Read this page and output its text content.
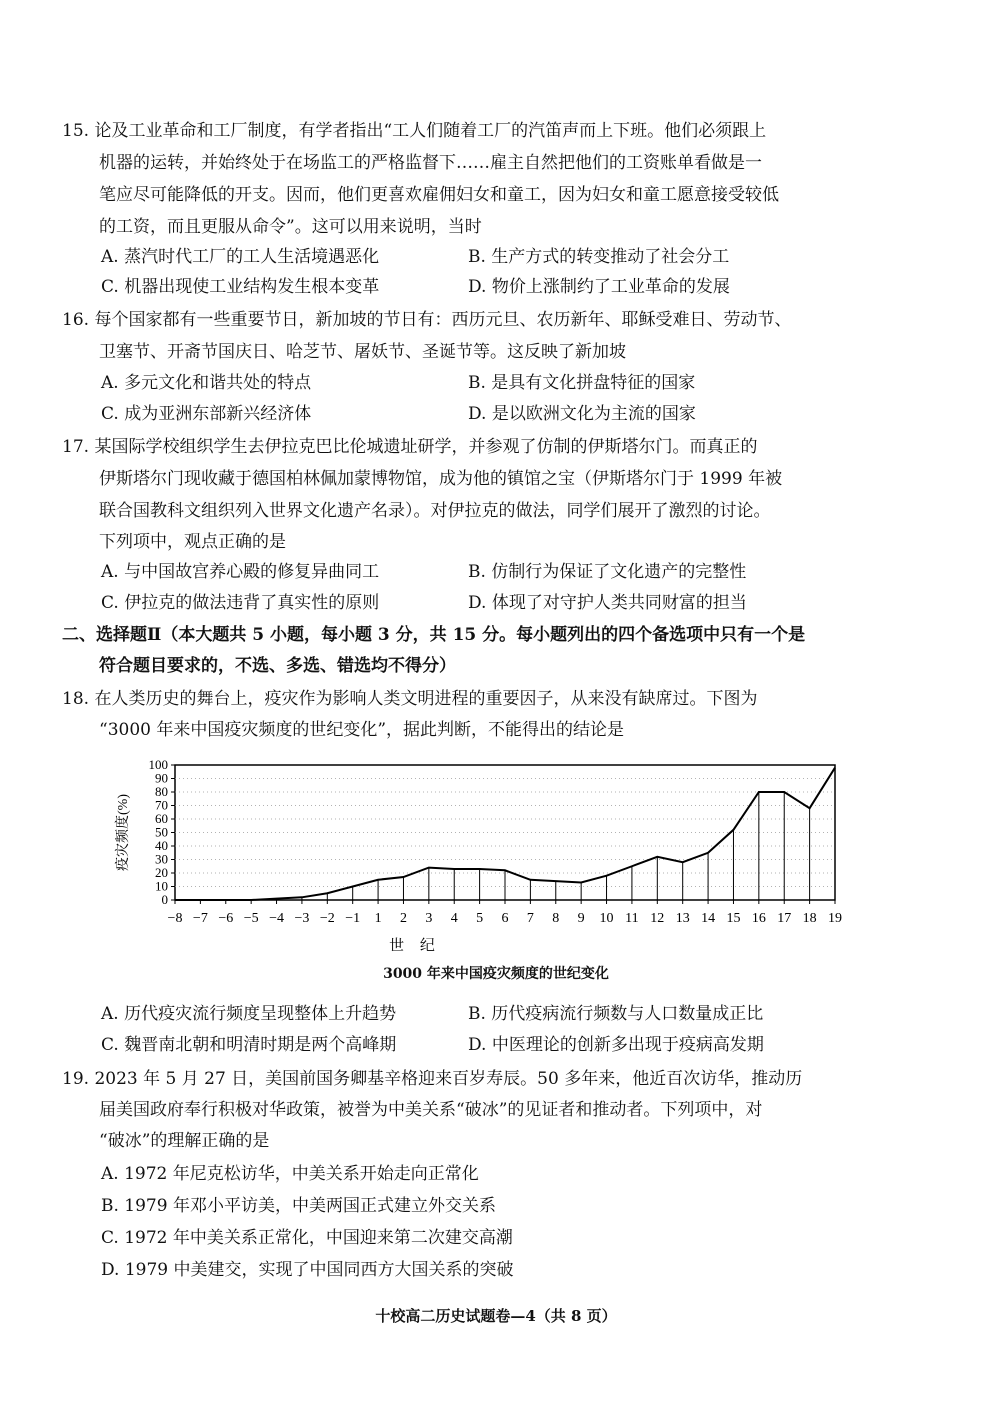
15. 论及工业革命和工厂制度，有学者指出“工人们随着工厂的汽笛声而上下班。他们必须跟上
机器的运转，并始终处于在场监工的严格监督下……雇主自然把他们的工资账单看做是一
笔应尽可能降低的开支。因而，他们更喜欢雇佣妇女和童工，因为妇女和童工愿意接受较低
的工资，而且更服从命令”。这可以用来说明，当时
A. 蒸汽时代工厂的工人生活境遇恶化	B. 生产方式的转变推动了社会分工
C. 机器出现使工业结构发生根本变革	D. 物价上涨制约了工业革命的发展
16. 每个国家都有一些重要节日，新加坡的节日有：西历元旦、农历新年、耶稣受难日、劳动节、
卫塞节、开斋节国庆日、哈芝节、屠妖节、圣诞节等。这反映了新加坡
A. 多元文化和谐共处的特点	B. 是具有文化拼盘特征的国家
C. 成为亚洲东部新兴经济体	D. 是以欧洲文化为主流的国家
17. 某国际学校组织学生去伊拉克巴比伦城遗址研学，并参观了仿制的伊斯塔尔门。而真正的
伊斯塔尔门现收藏于德国柏林佩加蒙博物馆，成为他的镇馆之宝（伊斯塔尔门于 1999 年被
联合国教科文组织列入世界文化遗产名录）。对伊拉克的做法，同学们展开了激烈的讨论。
下列项中，观点正确的是
A. 与中国故宫养心殿的修复异曲同工	B. 仿制行为保证了文化遗产的完整性
C. 伊拉克的做法违背了真实性的原则	D. 体现了对守护人类共同财富的担当
二、选择题Ⅱ（本大题共 5 小题，每小题 3 分，共 15 分。每小题列出的四个备选项中只有一个是
符合题目要求的，不选、多选、错选均不得分）
18. 在人类历史的舞台上，疫灾作为影响人类文明进程的重要因子，从来没有缺席过。下图为
“3000 年来中国疫灾频度的世纪变化”，据此判断，不能得出的结论是
0
10
20
30
40
50
60
70
80
90
100
−8 −7 −6 −5 −4 −3 −2 −1 1 2 3 4 5 6 7 8 9 10 11 12 13 14 15 16 17 18 19
世 纪
疫灾频度(%)
3000 年来中国疫灾频度的世纪变化
A. 历代疫灾流行频度呈现整体上升趋势	B. 历代疫病流行频数与人口数量成正比
C. 魏晋南北朝和明清时期是两个高峰期	D. 中医理论的创新多出现于疫病高发期
19. 2023 年 5 月 27 日，美国前国务卿基辛格迎来百岁寿辰。50 多年来，他近百次访华，推动历
届美国政府奉行积极对华政策，被誉为中美关系“破冰”的见证者和推动者。下列项中，对
“破冰”的理解正确的是
A. 1972 年尼克松访华，中美关系开始走向正常化
B. 1979 年邓小平访美，中美两国正式建立外交关系
C. 1972 年中美关系正常化，中国迎来第二次建交高潮
D. 1979 中美建交，实现了中国同西方大国关系的突破
十校高二历史试题卷—4（共 8 页）
